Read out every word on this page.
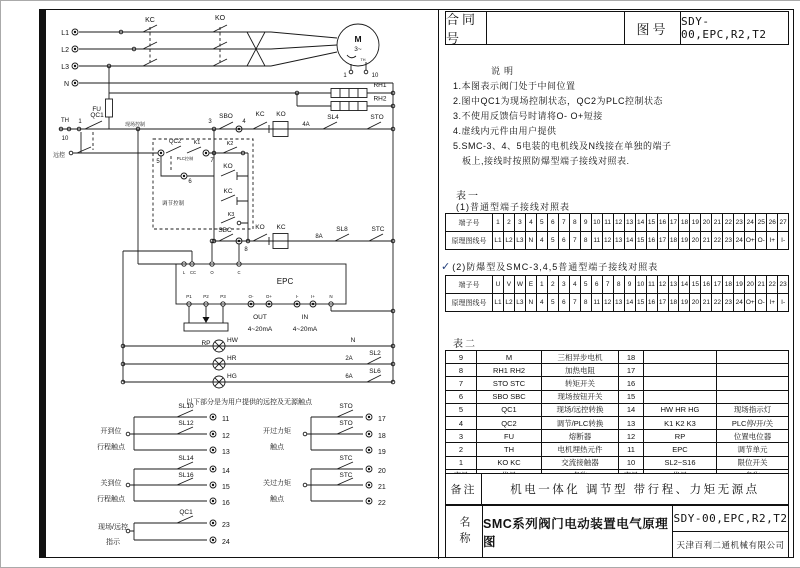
L1
L2
L3
N
KC	KO
M
3~
TH
1	10
RH1
RH2
FU
TH
10
1
QC1
现场控制	3
SBO
4
KC KO
4A
SL4	STO
远控
5
QC2
PLC控制
K1
7
K2
6
KO
KC
K3
调节控制
SBC
8
KO KC
8A
SL8	STC
EPC
L CC	O	C
P1	P2	P3	O-	O+	I-	I+	N
OUT
4~20mA
IN
4~20mA
RP	HW
HR
HG
N
2A
SL2
6A
SL6
以下部分是为用户提供的远控及无源触点
开到位
行程触点
SL10
11
SL12
12
13
开过力矩
触点
STO
17
STO
18
19
关到位
行程触点
SL14
14
SL16
15
16
关过力矩
触点
STC
20
STC
21
22
现场/远控
指示
QC1
23
24
合同号
图号	SDY-00,EPC,R2,T2
说明
1.本图表示阀门处于中间位置
2.图中QC1为现场控制状态，QC2为PLC控制状态
3.不使用反馈信号时请将O- O+短接
4.虚线内元件由用户提供
5.SMC-3、4、5电装的电机线及N线接在单独的端子
板上,接线时按照防爆型端子接线对照表.
表一
(1)普通型端子接线对照表
端子号	1	2	3	4	5	6	7	8	9 10 11 12 13 14 15 16 17 18 19 20 21 22 23 24 25 26 27
原理图线号	L1 L2 L3 N	4	5	6	7	8 11 12 13 14 15 16 17 18 19 20 21 22 23 24 O+ O- I+ I-
✓(2)防爆型及SMC-3,4,5普通型端子接线对照表
端子号	U V W E	1	2	3	4	5	6	7	8	9 10 11 12 13 14 15 16 17 18 19 20 21 22 23
原理图线号	L1 L2 L3 N	4	5	6	7	8 11 12 13 14 15 16 17 18 19 20 21 22 23 24 O+ O- I+ I-
表二
9	M	三相异步电机	18
8	RH1 RH2	加热电阻	17
7	STO STC	转矩开关	16
6	SBO SBC	现场按钮开关	15
5	QC1	现场/远控转换	14	HW HR HG	现场指示灯
4	QC2	调节/PLC转换	13	K1 K2 K3	PLC停/开/关
3	FU	熔断器	12	RP	位置电位器
2	TH	电机埋热元件	11	EPC	调节单元
1	KO KC	交流接触器	10	SL2~S16	限位开关
备注	机电一体化 调节型 带行程、力矩无源点
名称	SMC系列阀门电动装置电气原理图
SDY-00,EPC,R2,T2
天津百利二通机械有限公司
